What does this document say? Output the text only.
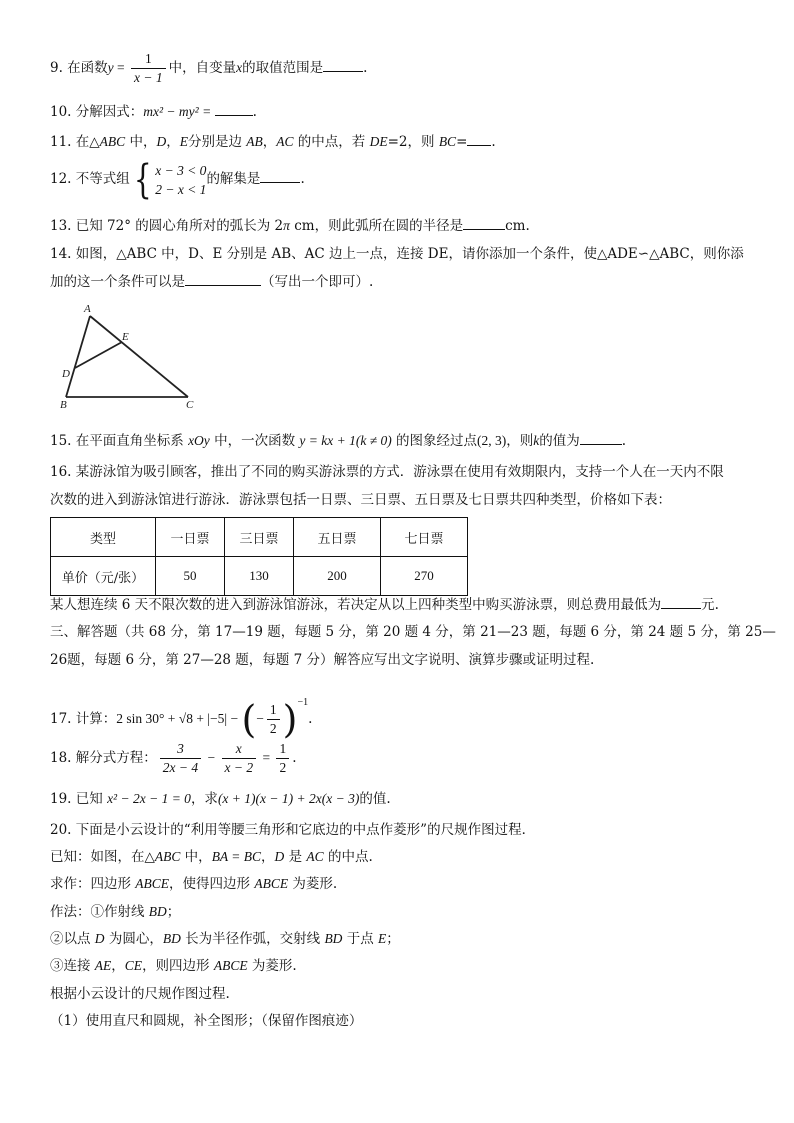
9. 在函数$y = \frac{1}{x - 1}$ 中，自变量x的取值范围是	.
10. 分解因式：mx² − my² =	.
11. 在△ABC 中，D，E分别是边 AB，AC 的中点，若 DE=2，则 BC= .
12. 不等式组 { x − 3 < 0
2 − x < 1
的解集是	.
13. 已知 72° 的圆心角所对的弧长为 2π cm，则此弧所在圆的半径是	cm.
14. 如图，△ABC 中，D、E 分别是 AB、AC 边上一点，连接 DE，请你添加一个条件，使△ADE∽△ABC，则你添
加的这一个条件可以是	（写出一个即可）.
A
E
D
B	C
15. 在平面直角坐标系 xOy 中，一次函数 y = kx + 1(k ≠ 0) 的图象经过点(2, 3)，则k的值为	.
16. 某游泳馆为吸引顾客，推出了不同的购买游泳票的方式．游泳票在使用有效期限内，支持一个人在一天内不限
次数的进入到游泳馆进行游泳．游泳票包括一日票、三日票、五日票及七日票共四种类型，价格如下表：
类型	一日票	三日票	五日票	七日票
单价（元/张）	50	130	200	270
某人想连续 6 天不限次数的进入到游泳馆游泳，若决定从以上四种类型中购买游泳票，则总费用最低为	元.
三、解答题（共 68 分，第 17—19 题，每题 5 分，第 20 题 4 分，第 21—23 题，每题 6 分，第 24 题 5 分，第 25—
26题，每题 6 分，第 27—28 题，每题 7 分）解答应写出文字说明、演算步骤或证明过程.
17. 计算：2 sin 30° + √8 + |−5| − (− $\frac{1}{2} )^{-1}$.
18. 解分式方程： $\frac{3}{2x - 4} - \frac{x}{x - 2} = \frac{1}{2}$ .
19. 已知 x² − 2x − 1 = 0，求(x + 1)(x − 1) + 2x(x − 3)的值.
20. 下面是小云设计的“利用等腰三角形和它底边的中点作菱形”的尺规作图过程．
已知：如图，在△ABC 中，BA = BC，D 是 AC 的中点.
求作：四边形 ABCE，使得四边形 ABCE 为菱形.
作法：①作射线 BD；
②以点 D 为圆心，BD 长为半径作弧，交射线 BD 于点 E；
③连接 AE，CE，则四边形 ABCE 为菱形.
根据小云设计的尺规作图过程.
（1）使用直尺和圆规，补全图形；（保留作图痕迹）
